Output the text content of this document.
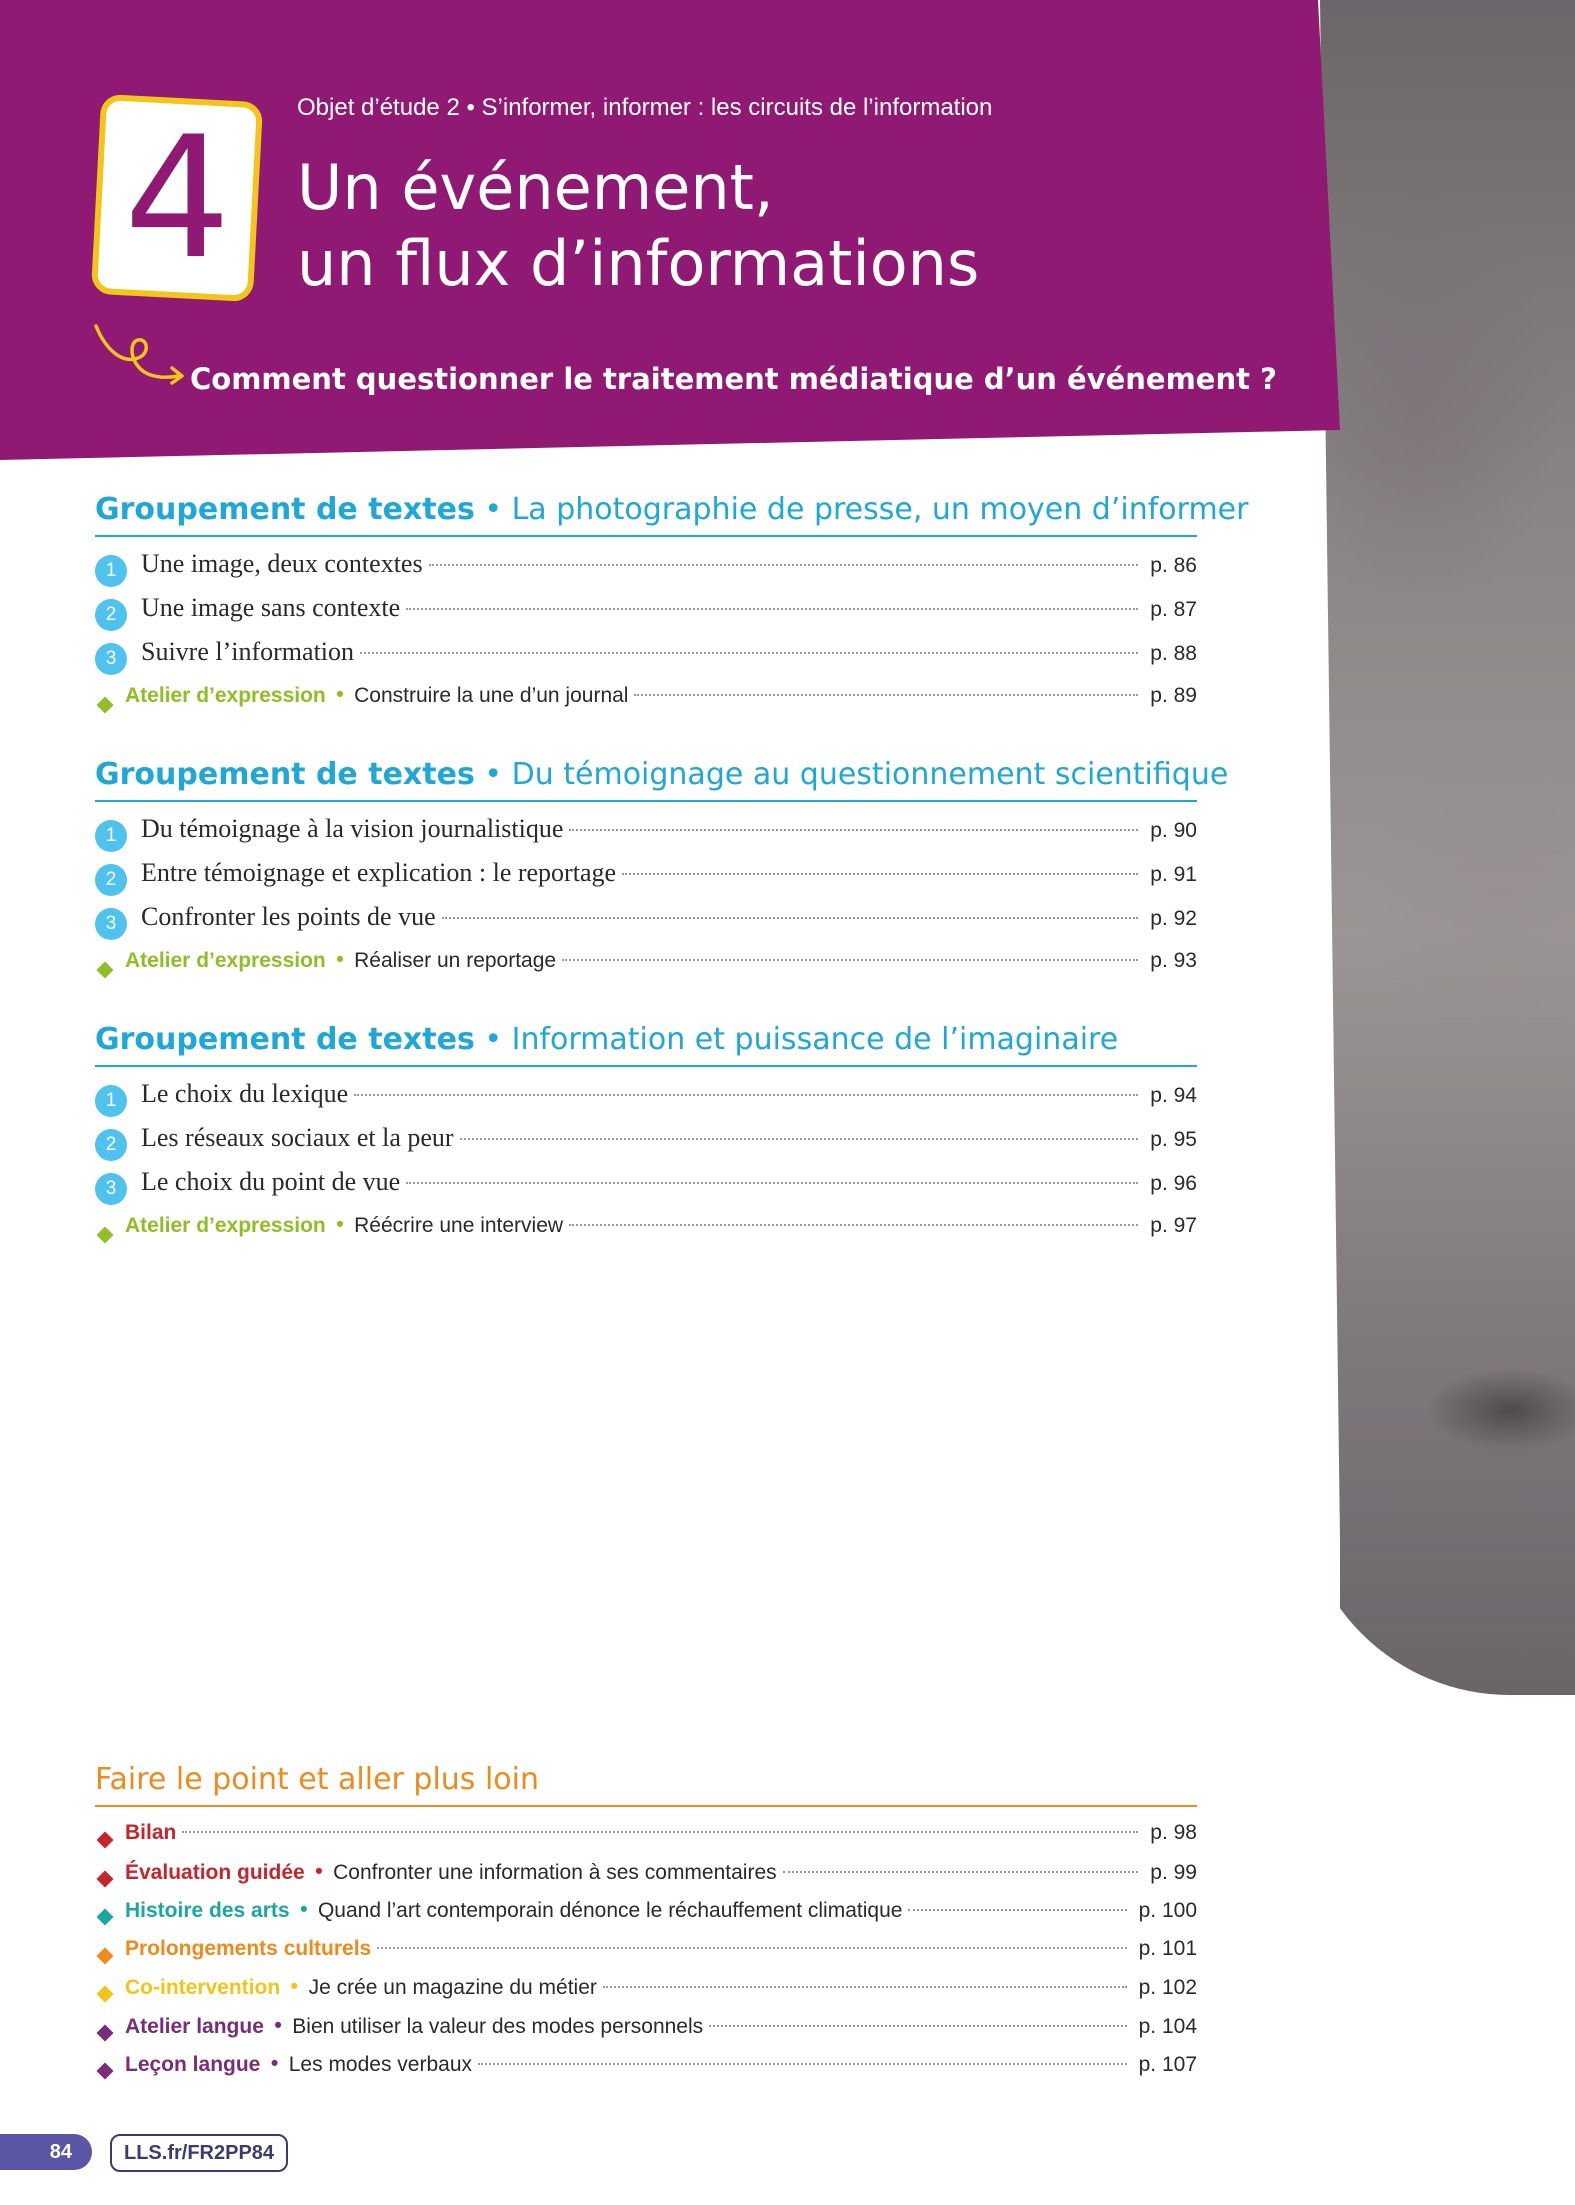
4	Objet d’étude 2 • S’informer, informer : les circuits de l’information
Un événement,
un flux d’informations
Comment questionner le traitement médiatique d’un événement ?
Groupement de textes • La photographie de presse, un moyen d’informer
1 Une image, deux contextes	p. 86
2 Une image sans contexte	p. 87
3 Suivre l’information	p. 88
Atelier d’expression • Construire la une d’un journal	p. 89
Groupement de textes • Du témoignage au questionnement scientifique
1 Du témoignage à la vision journalistique	p. 90
2 Entre témoignage et explication : le reportage	p. 91
3 Confronter les points de vue	p. 92
Atelier d’expression • Réaliser un reportage	p. 93
Groupement de textes • Information et puissance de l’imaginaire
1 Le choix du lexique	p. 94
2 Les réseaux sociaux et la peur	p. 95
3 Le choix du point de vue	p. 96
Atelier d’expression • Réécrire une interview	p. 97
Faire le point et aller plus loin
Bilan	p. 98
Évaluation guidée • Confronter une information à ses commentaires	p. 99
Histoire des arts • Quand l’art contemporain dénonce le réchauffement climatique	p. 100
Prolongements culturels	p. 101
Co-intervention • Je crée un magazine du métier	p. 102
Atelier langue • Bien utiliser la valeur des modes personnels	p. 104
Leçon langue • Les modes verbaux	p. 107
84	LLS.fr/FR2PP84
